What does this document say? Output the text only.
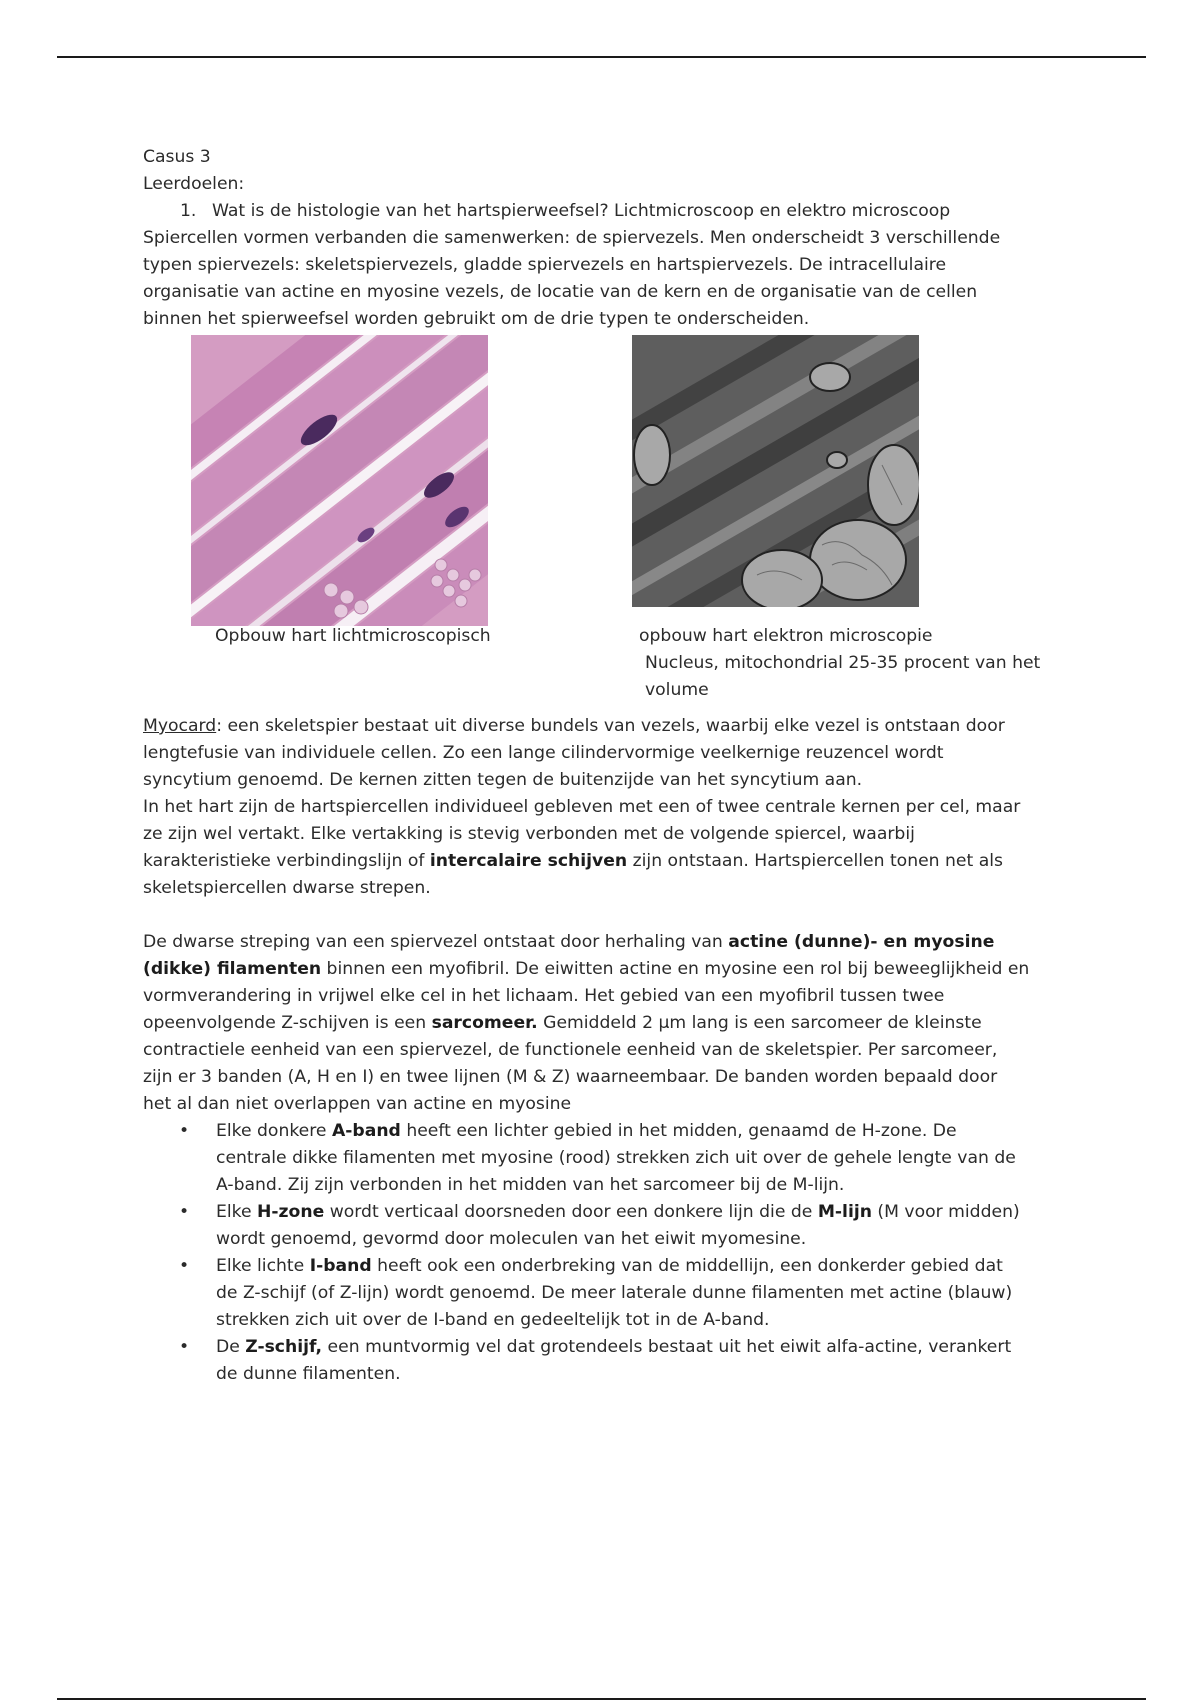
Casus 3
Leerdoelen:
1. Wat is de histologie van het hartspierweefsel? Lichtmicroscoop en elektro microscoop
Spiercellen vormen verbanden die samenwerken: de spiervezels. Men onderscheidt 3 verschillende
typen spiervezels: skeletspiervezels, gladde spiervezels en hartspiervezels. De intracellulaire
organisatie van actine en myosine vezels, de locatie van de kern en de organisatie van de cellen
binnen het spierweefsel worden gebruikt om de drie typen te onderscheiden.
Opbouw hart lichtmicroscopisch	opbouw hart elektron microscopie
Nucleus, mitochondrial 25-35 procent van het volume
Myocard: een skeletspier bestaat uit diverse bundels van vezels, waarbij elke vezel is ontstaan door
lengtefusie van individuele cellen. Zo een lange cilindervormige veelkernige reuzencel wordt
syncytium genoemd. De kernen zitten tegen de buitenzijde van het syncytium aan.
In het hart zijn de hartspiercellen individueel gebleven met een of twee centrale kernen per cel, maar
ze zijn wel vertakt. Elke vertakking is stevig verbonden met de volgende spiercel, waarbij
karakteristieke verbindingslijn of intercalaire schijven zijn ontstaan. Hartspiercellen tonen net als
skeletspiercellen dwarse strepen.
De dwarse streping van een spiervezel ontstaat door herhaling van actine (dunne)- en myosine
(dikke) filamenten binnen een myofibril. De eiwitten actine en myosine een rol bij beweeglijkheid en
vormverandering in vrijwel elke cel in het lichaam. Het gebied van een myofibril tussen twee
opeenvolgende Z-schijven is een sarcomeer. Gemiddeld 2 µm lang is een sarcomeer de kleinste
contractiele eenheid van een spiervezel, de functionele eenheid van de skeletspier. Per sarcomeer,
zijn er 3 banden (A, H en I) en twee lijnen (M & Z) waarneembaar. De banden worden bepaald door
het al dan niet overlappen van actine en myosine
• Elke donkere A-band heeft een lichter gebied in het midden, genaamd de H-zone. De
centrale dikke filamenten met myosine (rood) strekken zich uit over de gehele lengte van de
A-band. Zij zijn verbonden in het midden van het sarcomeer bij de M-lijn.
• Elke H-zone wordt verticaal doorsneden door een donkere lijn die de M-lijn (M voor midden)
wordt genoemd, gevormd door moleculen van het eiwit myomesine.
• Elke lichte I-band heeft ook een onderbreking van de middellijn, een donkerder gebied dat
de Z-schijf (of Z-lijn) wordt genoemd. De meer laterale dunne filamenten met actine (blauw)
strekken zich uit over de I-band en gedeeltelijk tot in de A-band.
• De Z-schijf, een muntvormig vel dat grotendeels bestaat uit het eiwit alfa-actine, verankert
de dunne filamenten.
